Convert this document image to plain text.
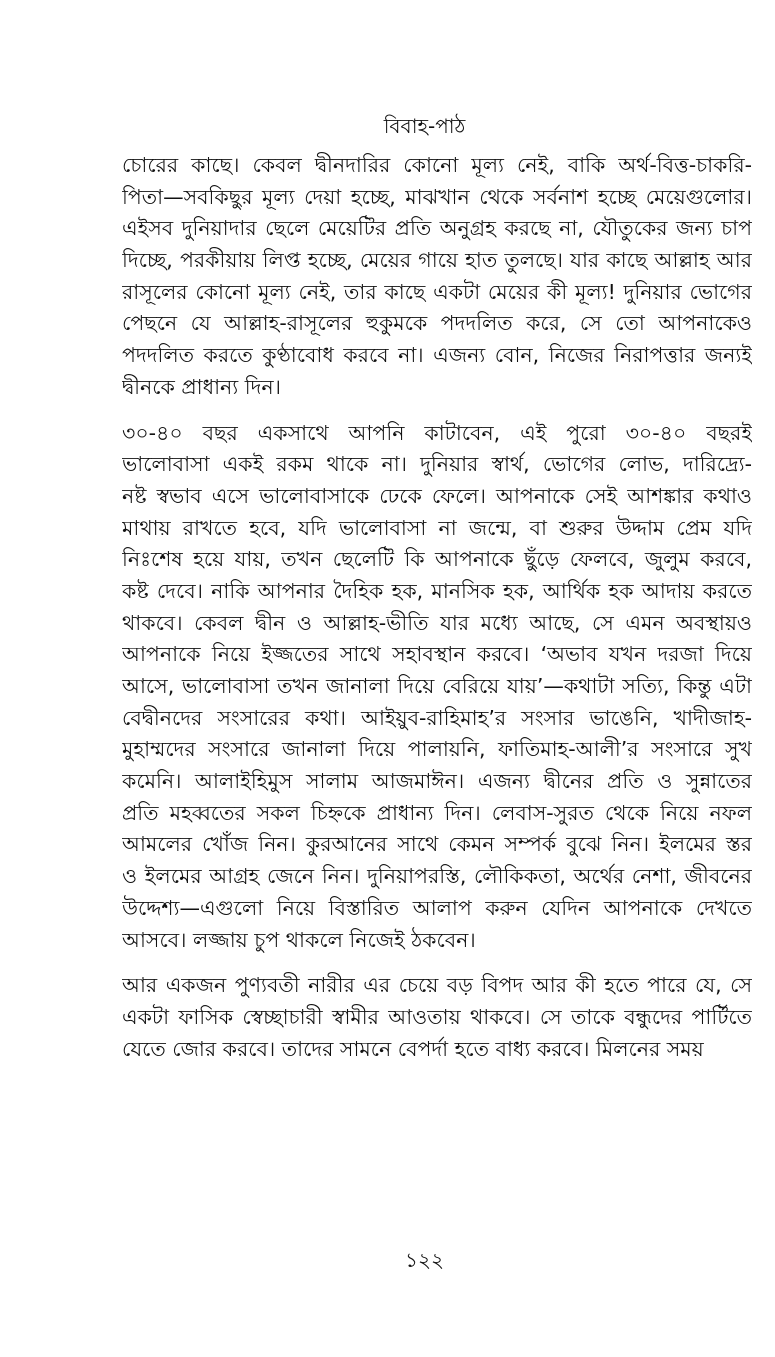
বিবাহ-পাঠ
চোরের কাছে। কেবল দ্বীনদারির কোনো মূল্য নেই, বাকি অর্থ-বিত্ত-চাকরি-
পিতা—সবকিছুর মূল্য দেয়া হচ্ছে, মাঝখান থেকে সর্বনাশ হচ্ছে মেয়েগুলোর।
এইসব দুনিয়াদার ছেলে মেয়েটির প্রতি অনুগ্রহ করছে না, যৌতুকের জন্য চাপ
দিচ্ছে, পরকীয়ায় লিপ্ত হচ্ছে, মেয়ের গায়ে হাত তুলছে। যার কাছে আল্লাহ আর
রাসূলের কোনো মূল্য নেই, তার কাছে একটা মেয়ের কী মূল্য! দুনিয়ার ভোগের
পেছনে যে আল্লাহ-রাসূলের হুকুমকে পদদলিত করে, সে তো আপনাকেও
পদদলিত করতে কুণ্ঠাবোধ করবে না। এজন্য বোন, নিজের নিরাপত্তার জন্যই
দ্বীনকে প্রাধান্য দিন।
৩০-৪০ বছর একসাথে আপনি কাটাবেন, এই পুরো ৩০-৪০ বছরই
ভালোবাসা একই রকম থাকে না। দুনিয়ার স্বার্থ, ভোগের লোভ, দারিদ্র্যে-
নষ্ট স্বভাব এসে ভালোবাসাকে ঢেকে ফেলে। আপনাকে সেই আশঙ্কার কথাও
মাথায় রাখতে হবে, যদি ভালোবাসা না জন্মে, বা শুরুর উদ্দাম প্রেম যদি
নিঃশেষ হয়ে যায়, তখন ছেলেটি কি আপনাকে ছুঁড়ে ফেলবে, জুলুম করবে,
কষ্ট দেবে। নাকি আপনার দৈহিক হক, মানসিক হক, আর্থিক হক আদায় করতে
থাকবে। কেবল দ্বীন ও আল্লাহ-ভীতি যার মধ্যে আছে, সে এমন অবস্থায়ও
আপনাকে নিয়ে ইজ্জতের সাথে সহাবস্থান করবে। ‘অভাব যখন দরজা দিয়ে
আসে, ভালোবাসা তখন জানালা দিয়ে বেরিয়ে যায়’—কথাটা সত্যি, কিন্তু এটা
বেদ্বীনদের সংসারের কথা। আইয়ুব-রাহিমাহ’র সংসার ভাঙেনি, খাদীজাহ-
মুহাম্মদের সংসারে জানালা দিয়ে পালায়নি, ফাতিমাহ-আলী’র সংসারে সুখ
কমেনি। আলাইহিমুস সালাম আজমাঈন। এজন্য দ্বীনের প্রতি ও সুন্নাতের
প্রতি মহব্বতের সকল চিহ্নকে প্রাধান্য দিন। লেবাস-সুরত থেকে নিয়ে নফল
আমলের খোঁজ নিন। কুরআনের সাথে কেমন সম্পর্ক বুঝে নিন। ইলমের স্তর
ও ইলমের আগ্রহ জেনে নিন। দুনিয়াপরস্তি, লৌকিকতা, অর্থের নেশা, জীবনের
উদ্দেশ্য—এগুলো নিয়ে বিস্তারিত আলাপ করুন যেদিন আপনাকে দেখতে
আসবে। লজ্জায় চুপ থাকলে নিজেই ঠকবেন।
আর একজন পুণ্যবতী নারীর এর চেয়ে বড় বিপদ আর কী হতে পারে যে, সে
একটা ফাসিক স্বেচ্ছাচারী স্বামীর আওতায় থাকবে। সে তাকে বন্ধুদের পার্টিতে
যেতে জোর করবে। তাদের সামনে বেপর্দা হতে বাধ্য করবে। মিলনের সময়
১২২
